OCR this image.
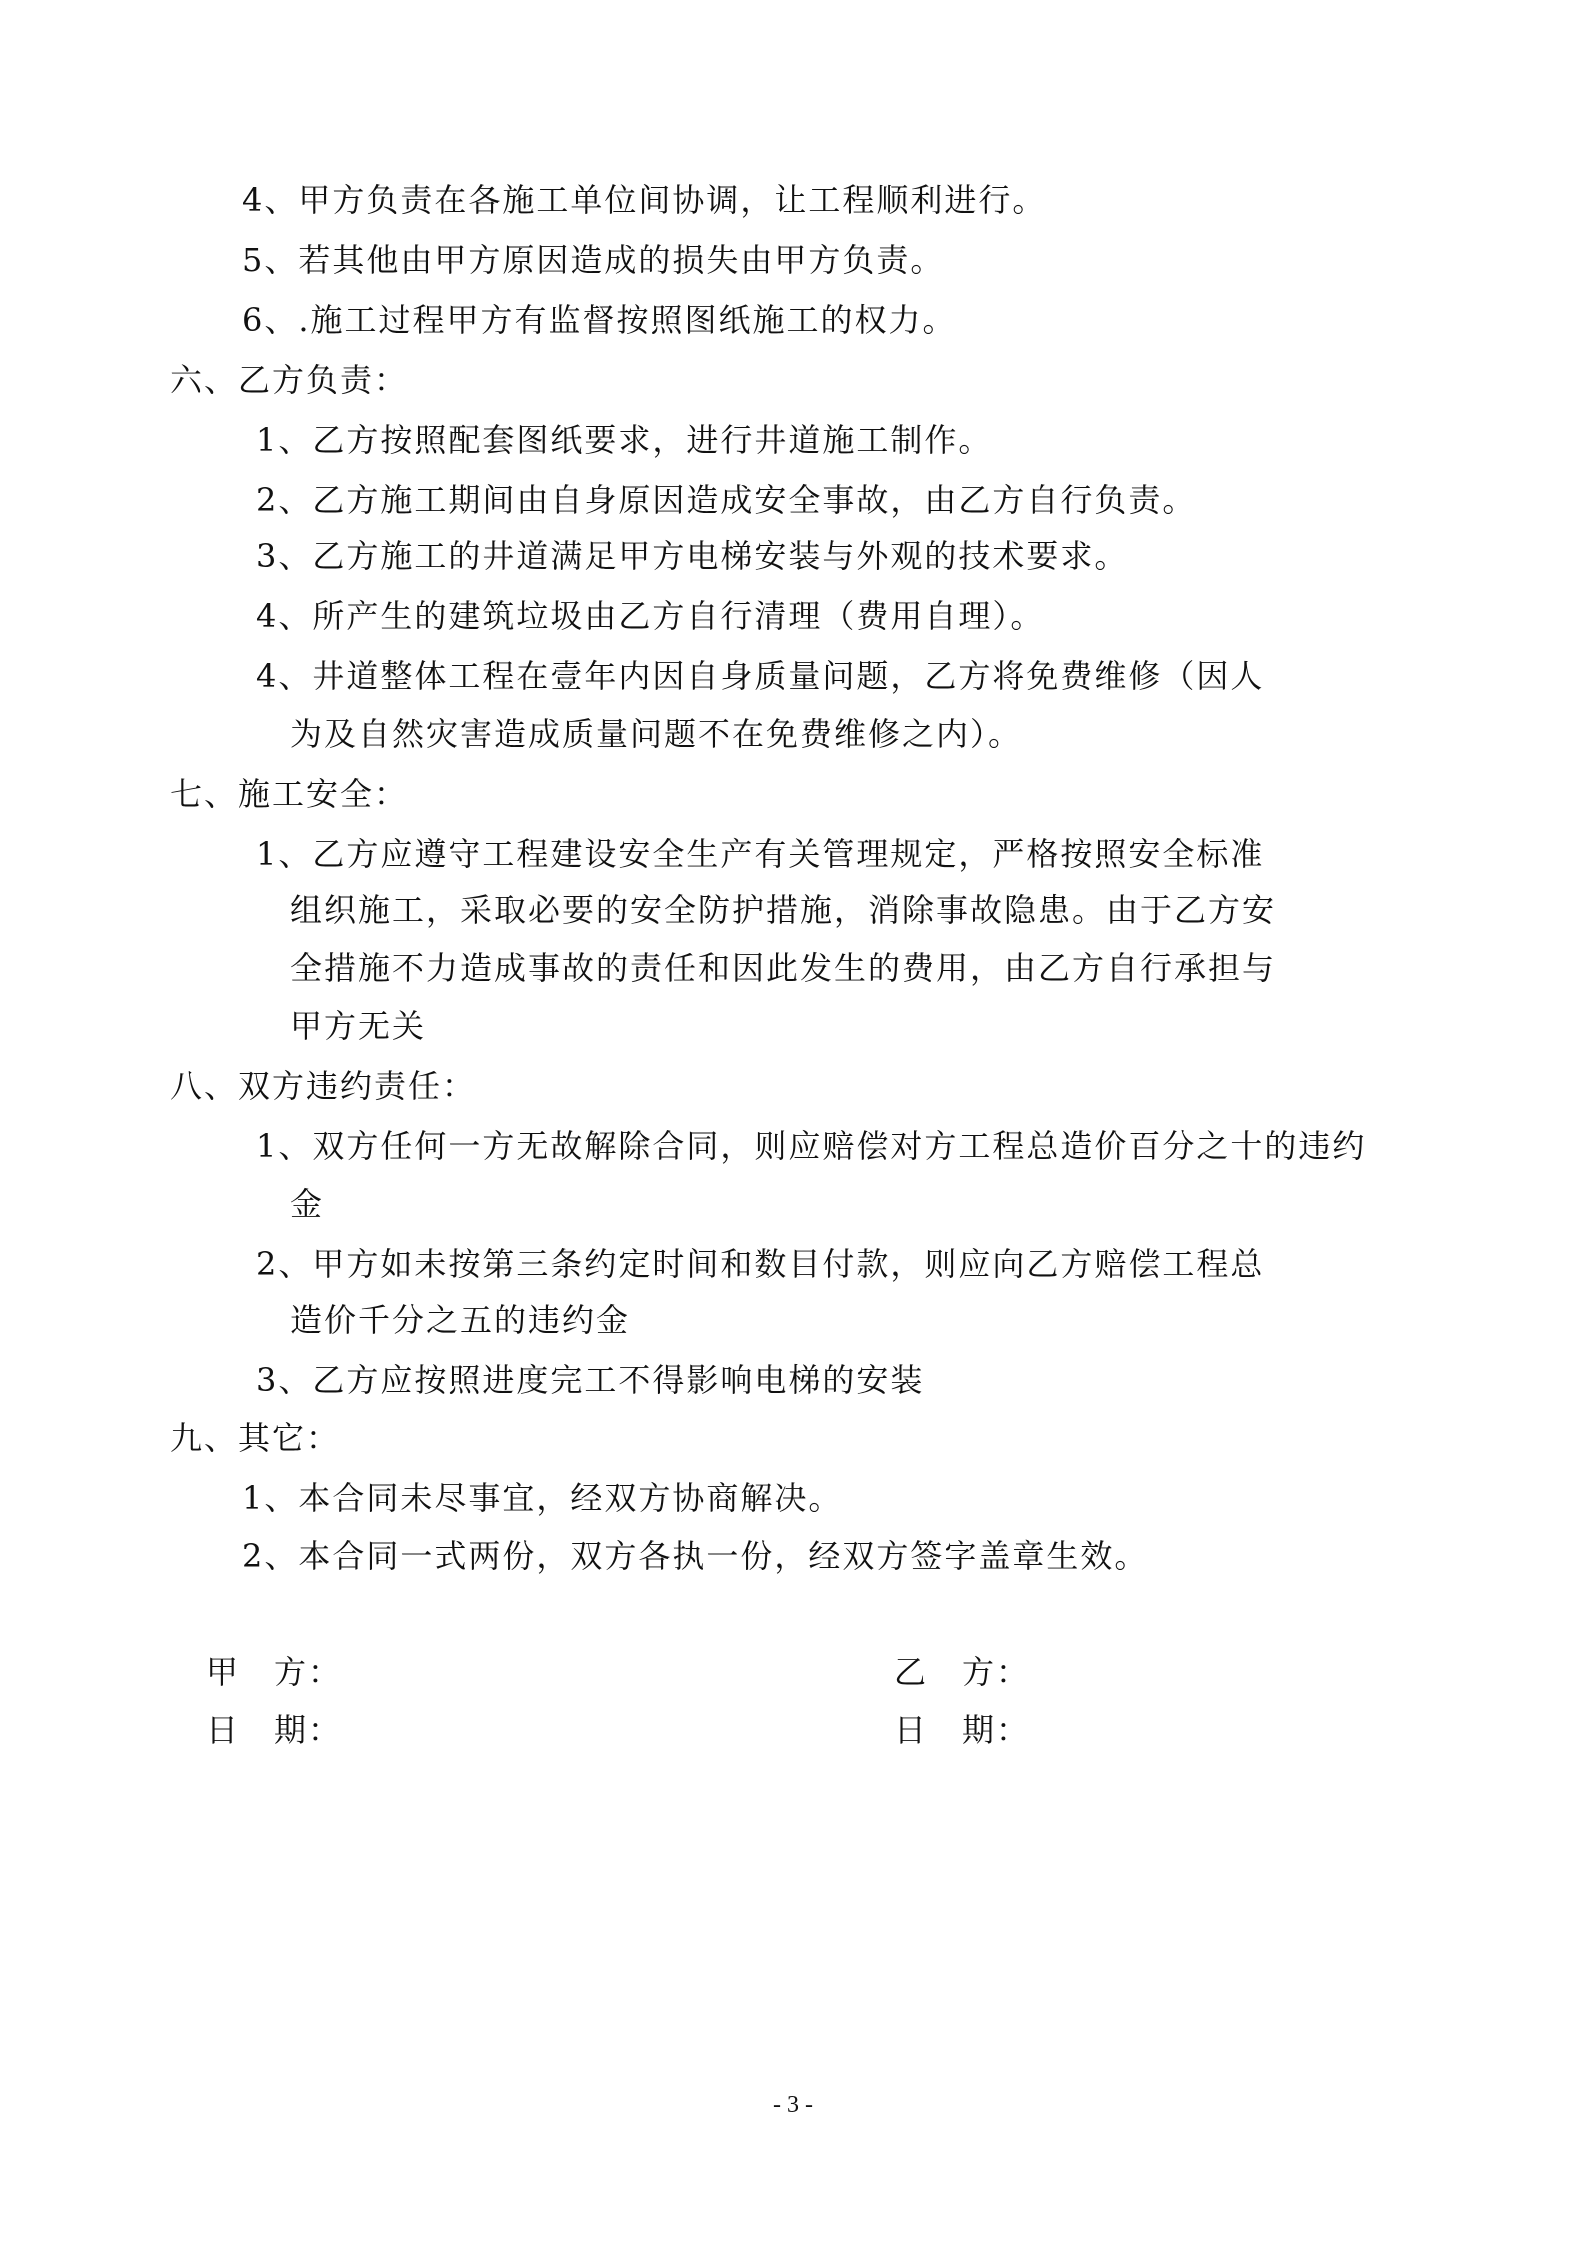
4、甲方负责在各施工单位间协调，让工程顺利进行。

5、若其他由甲方原因造成的损失由甲方负责。

6、.施工过程甲方有监督按照图纸施工的权力。

六、乙方负责：

1、乙方按照配套图纸要求，进行井道施工制作。

2、乙方施工期间由自身原因造成安全事故，由乙方自行负责。

3、乙方施工的井道满足甲方电梯安装与外观的技术要求。

4、所产生的建筑垃圾由乙方自行清理（费用自理）。

4、井道整体工程在壹年内因自身质量问题，乙方将免费维修（因人

为及自然灾害造成质量问题不在免费维修之内）。

七、施工安全：

1、乙方应遵守工程建设安全生产有关管理规定，严格按照安全标准

组织施工，采取必要的安全防护措施，消除事故隐患。由于乙方安

全措施不力造成事故的责任和因此发生的费用，由乙方自行承担与

甲方无关

八、双方违约责任：

1、双方任何一方无故解除合同，则应赔偿对方工程总造价百分之十的违约

金

2、甲方如未按第三条约定时间和数目付款，则应向乙方赔偿工程总

造价千分之五的违约金

3、乙方应按照进度完工不得影响电梯的安装

九、其它：

1、本合同未尽事宜，经双方协商解决。

2、本合同一式两份，双方各执一份，经双方签字盖章生效。

甲　方：
日　期：
乙　方：
日　期：
- 3 -
